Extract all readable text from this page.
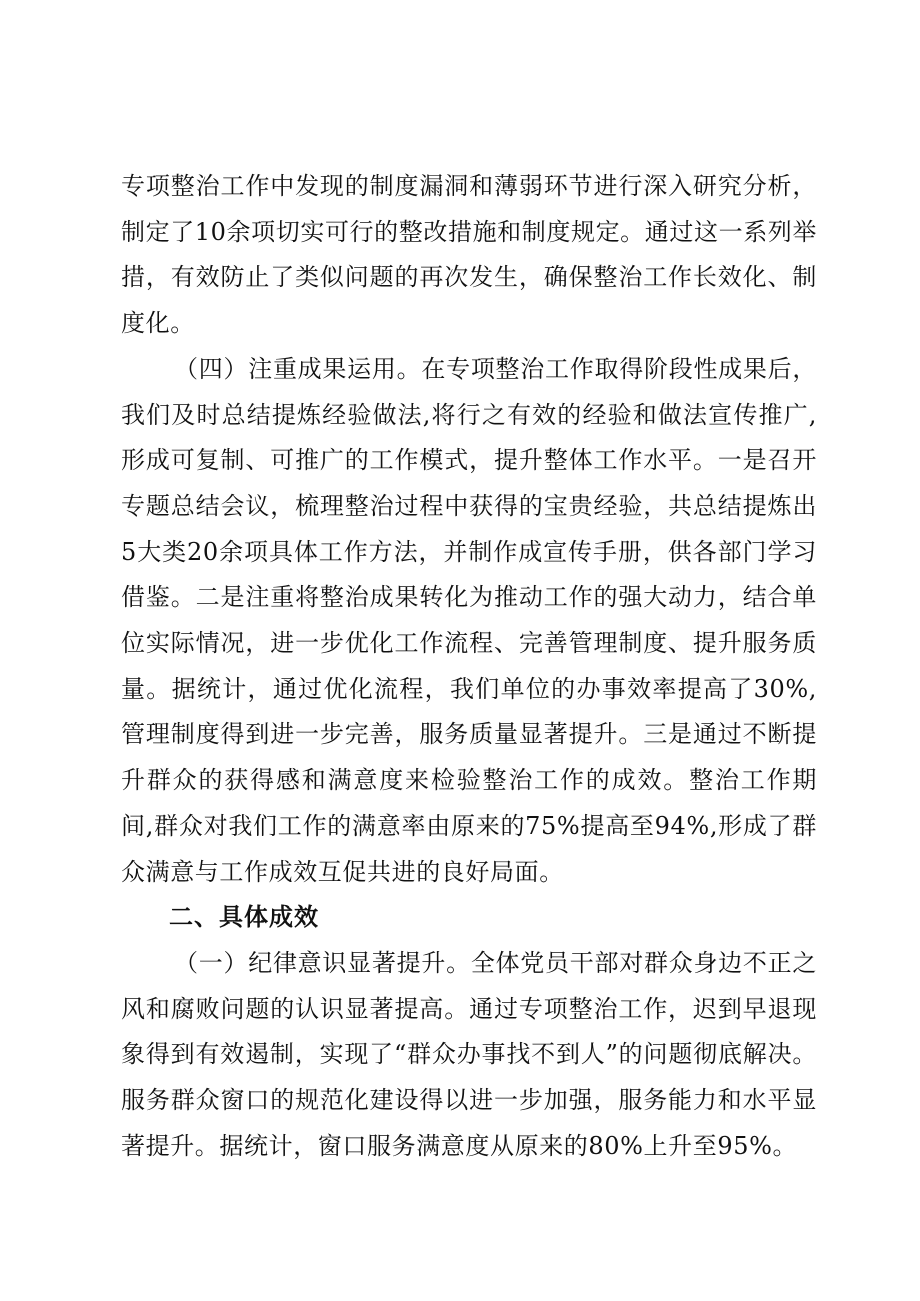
专项整治工作中发现的制度漏洞和薄弱环节进行深入研究分析，制定了10余项切实可行的整改措施和制度规定。通过这一系列举措，有效防止了类似问题的再次发生，确保整治工作长效化、制度化。

（四）注重成果运用。在专项整治工作取得阶段性成果后，我们及时总结提炼经验做法,将行之有效的经验和做法宣传推广,形成可复制、可推广的工作模式，提升整体工作水平。一是召开专题总结会议，梳理整治过程中获得的宝贵经验，共总结提炼出5大类20余项具体工作方法，并制作成宣传手册，供各部门学习借鉴。二是注重将整治成果转化为推动工作的强大动力，结合单位实际情况，进一步优化工作流程、完善管理制度、提升服务质量。据统计，通过优化流程，我们单位的办事效率提高了30%,管理制度得到进一步完善，服务质量显著提升。三是通过不断提升群众的获得感和满意度来检验整治工作的成效。整治工作期间,群众对我们工作的满意率由原来的75%提高至94%,形成了群众满意与工作成效互促共进的良好局面。

二、具体成效

（一）纪律意识显著提升。全体党员干部对群众身边不正之风和腐败问题的认识显著提高。通过专项整治工作，迟到早退现象得到有效遏制，实现了“群众办事找不到人”的问题彻底解决。服务群众窗口的规范化建设得以进一步加强，服务能力和水平显著提升。据统计，窗口服务满意度从原来的80%上升至95%。
